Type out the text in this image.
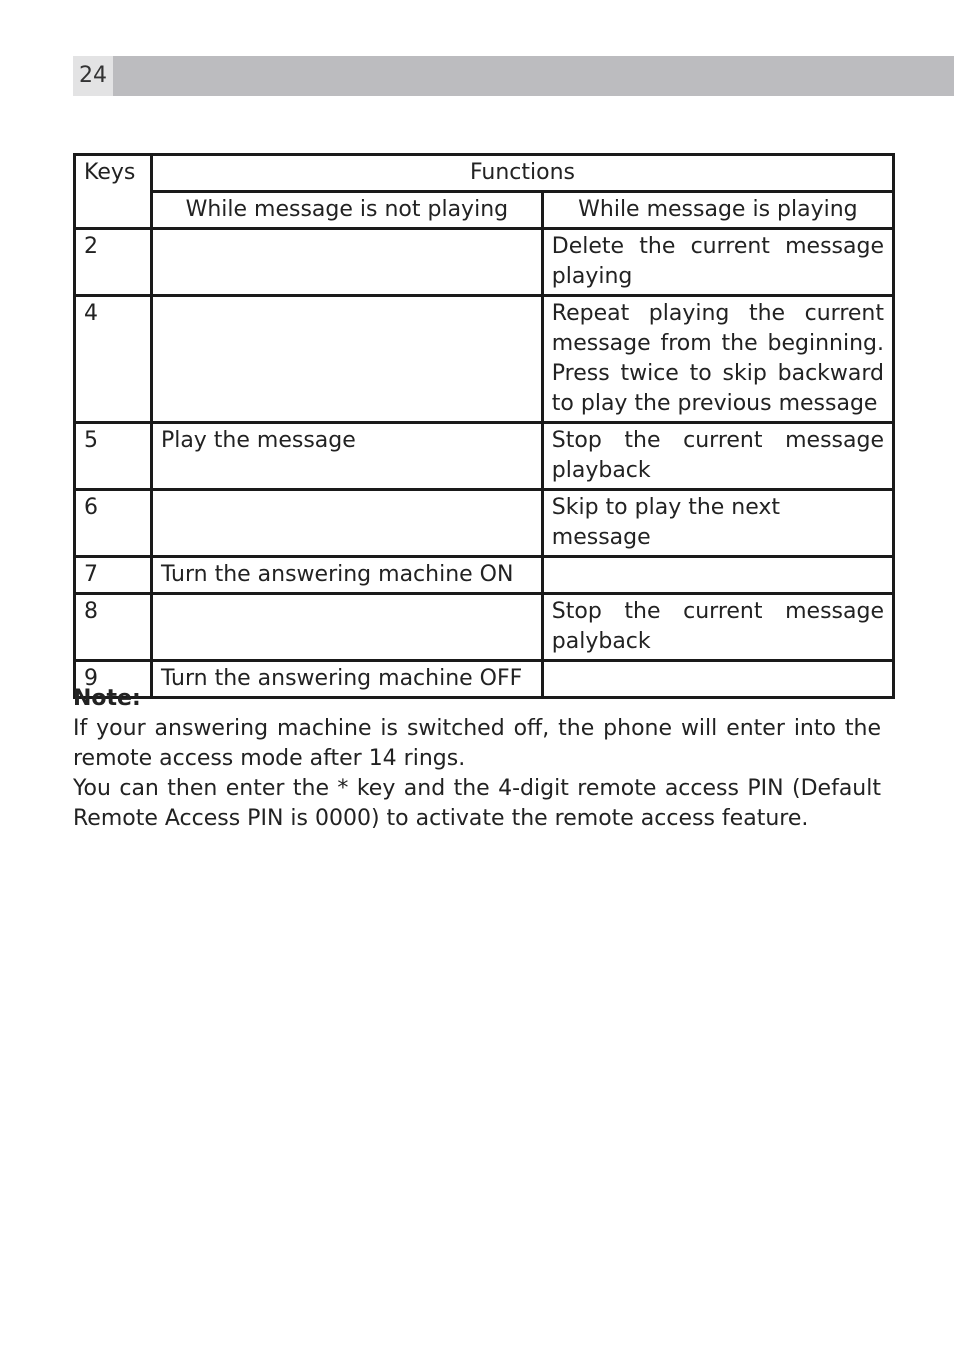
24
Keys	Functions	
	While message is not playing	While message is playing
2		Delete the current message playing
4		Repeat playing the current message from the beginning. Press twice to skip backward to play the previous message
5	Play the message	Stop the current message playback
6		Skip to play the next message
7	Turn the answering machine ON	
8		Stop the current message palyback
9	Turn the answering machine OFF	
Note:

If your answering machine is switched off, the phone will enter into the remote access mode after 14 rings.

You can then enter the * key and the 4-digit remote access PIN (Default Remote Access PIN is 0000) to activate the remote access feature.
